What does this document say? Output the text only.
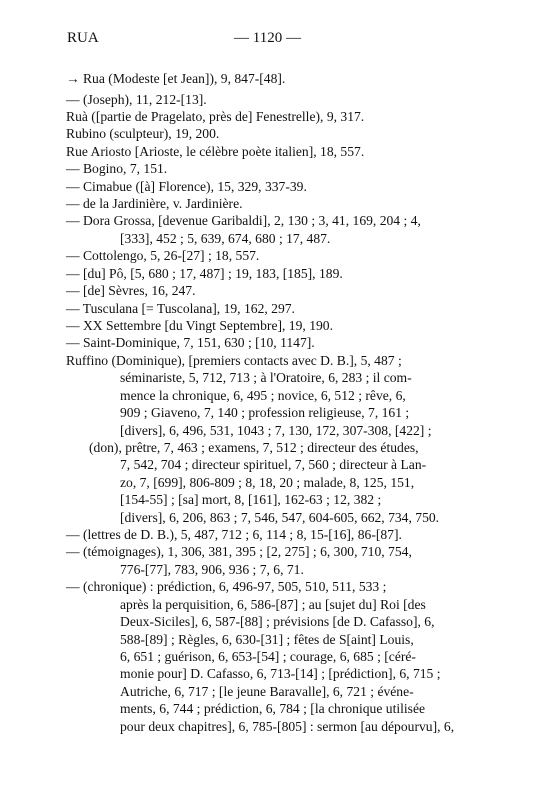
RUA	— 1120 —
→ Rua (Modeste [et Jean]), 9, 847-[48].
— (Joseph), 11, 212-[13].
Ruà ([partie de Pragelato, près de] Fenestrelle), 9, 317.
Rubino (sculpteur), 19, 200.
Rue Ariosto [Arioste, le célèbre poète italien], 18, 557.
— Bogino, 7, 151.
— Cimabue ([à] Florence), 15, 329, 337-39.
— de la Jardinière, v. Jardinière.
— Dora Grossa, [devenue Garibaldi], 2, 130 ; 3, 41, 169, 204 ; 4,
[333], 452 ; 5, 639, 674, 680 ; 17, 487.
— Cottolengo, 5, 26-[27] ; 18, 557.
— [du] Pô, [5, 680 ; 17, 487] ; 19, 183, [185], 189.
— [de] Sèvres, 16, 247.
— Tusculana [= Tuscolana], 19, 162, 297.
— XX Settembre [du Vingt Septembre], 19, 190.
— Saint-Dominique, 7, 151, 630 ; [10, 1147].
Ruffino (Dominique), [premiers contacts avec D. B.], 5, 487 ;
séminariste, 5, 712, 713 ; à l'Oratoire, 6, 283 ; il com-
mence la chronique, 6, 495 ; novice, 6, 512 ; rêve, 6,
909 ; Giaveno, 7, 140 ; profession religieuse, 7, 161 ;
[divers], 6, 496, 531, 1043 ; 7, 130, 172, 307-308, [422] ;
(don), prêtre, 7, 463 ; examens, 7, 512 ; directeur des études,
7, 542, 704 ; directeur spirituel, 7, 560 ; directeur à Lan-
zo, 7, [699], 806-809 ; 8, 18, 20 ; malade, 8, 125, 151,
[154-55] ; [sa] mort, 8, [161], 162-63 ; 12, 382 ;
[divers], 6, 206, 863 ; 7, 546, 547, 604-605, 662, 734, 750.
— (lettres de D. B.), 5, 487, 712 ; 6, 114 ; 8, 15-[16], 86-[87].
— (témoignages), 1, 306, 381, 395 ; [2, 275] ; 6, 300, 710, 754,
776-[77], 783, 906, 936 ; 7, 6, 71.
— (chronique) : prédiction, 6, 496-97, 505, 510, 511, 533 ;
après la perquisition, 6, 586-[87] ; au [sujet du] Roi [des
Deux-Siciles], 6, 587-[88] ; prévisions [de D. Cafasso], 6,
588-[89] ; Règles, 6, 630-[31] ; fêtes de S[aint] Louis,
6, 651 ; guérison, 6, 653-[54] ; courage, 6, 685 ; [céré-
monie pour] D. Cafasso, 6, 713-[14] ; [prédiction], 6, 715 ;
Autriche, 6, 717 ; [le jeune Baravalle], 6, 721 ; événe-
ments, 6, 744 ; prédiction, 6, 784 ; [la chronique utilisée
pour deux chapitres], 6, 785-[805] : sermon [au dépourvu], 6,
